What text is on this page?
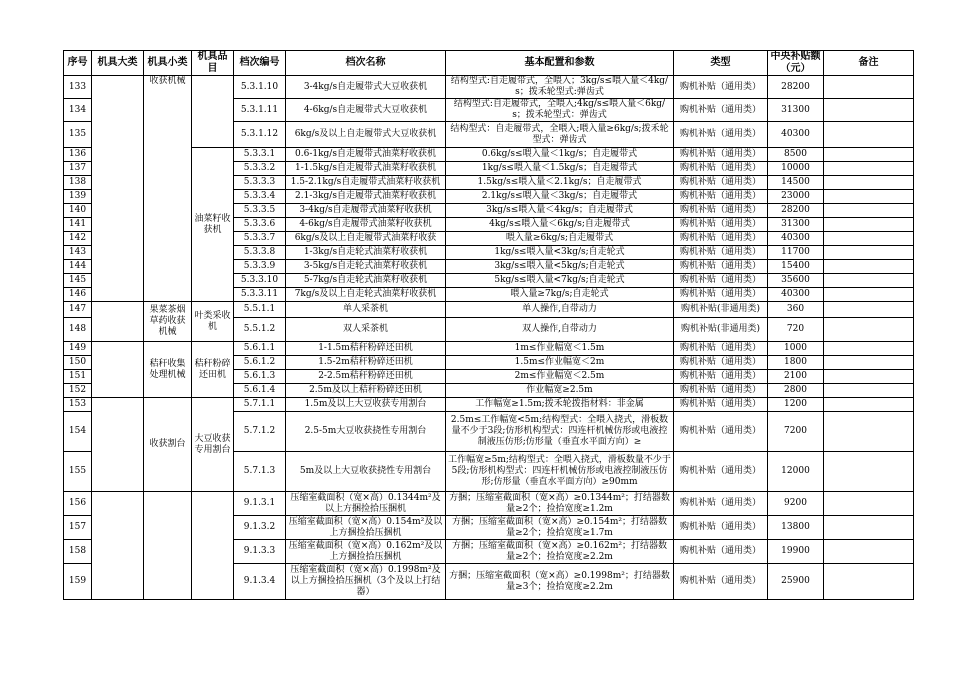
序号	机具大类	机具小类	机具品目	档次编号	档次名称	基本配置和参数	类型	中央补贴额（元）	备注
133		收获机械		5.3.1.10	3-4kg/s自走履带式大豆收获机	结构型式:自走履带式，全喂入；3kg/s≤喂入量＜4kg/s；拨禾轮型式:弹齿式	购机补贴（通用类）	28200	
134				5.3.1.11	4-6kg/s自走履带式大豆收获机	结构型式:自走履带式，全喂入;4kg/s≤喂入量＜6kg/s；拨禾轮型式：弹齿式	购机补贴（通用类）	31300	
135				5.3.1.12	6kg/s及以上自走履带式大豆收获机	结构型式：自走履带式，全喂入;喂入量≥6kg/s;拨禾轮型式：弹齿式	购机补贴（通用类）	40300	
136			油菜籽收获机	5.3.3.1	0.6-1kg/s自走履带式油菜籽收获机	0.6kg/s≤喂入量＜1kg/s；自走履带式	购机补贴（通用类）	8500	
137				5.3.3.2	1-1.5kg/s自走履带式油菜籽收获机	1kg/s≤喂入量＜1.5kg/s；自走履带式	购机补贴（通用类）	10000	
138				5.3.3.3	1.5-2.1kg/s自走履带式油菜籽收获机	1.5kg/s≤喂入量＜2.1kg/s；自走履带式	购机补贴（通用类）	14500	
139				5.3.3.4	2.1-3kg/s自走履带式油菜籽收获机	2.1kg/s≤喂入量＜3kg/s；自走履带式	购机补贴（通用类）	23000	
140				5.3.3.5	3-4kg/s自走履带式油菜籽收获机	3kg/s≤喂入量＜4kg/s；自走履带式	购机补贴（通用类）	28200	
141				5.3.3.6	4-6kg/s自走履带式油菜籽收获机	4kg/s≤喂入量＜6kg/s;自走履带式	购机补贴（通用类）	31300	
142				5.3.3.7	6kg/s及以上自走履带式油菜籽收获	喂入量≥6kg/s;自走履带式	购机补贴（通用类）	40300	
143				5.3.3.8	1-3kg/s自走轮式油菜籽收获机	1kg/s≤喂入量<3kg/s;自走轮式	购机补贴（通用类）	11700	
144				5.3.3.9	3-5kg/s自走轮式油菜籽收获机	3kg/s≤喂入量<5kg/s;自走轮式	购机补贴（通用类）	15400	
145				5.3.3.10	5-7kg/s自走轮式油菜籽收获机	5kg/s≤喂入量<7kg/s;自走轮式	购机补贴（通用类）	35600	
146				5.3.3.11	7kg/s及以上自走轮式油菜籽收获机	喂入量≥7kg/s;自走轮式	购机补贴（通用类）	40300	
147		果菜茶烟草药收获机械	叶类采收机	5.5.1.1	单人采茶机	单人操作,自带动力	购机补贴(非通用类)	360	
148				5.5.1.2	双人采茶机	双人操作,自带动力	购机补贴(非通用类)	720	
149		秸秆收集处理机械	秸秆粉碎还田机	5.6.1.1	1-1.5m秸秆粉碎还田机	1m≤作业幅宽＜1.5m	购机补贴（通用类）	1000	
150				5.6.1.2	1.5-2m秸秆粉碎还田机	1.5m≤作业幅宽＜2m	购机补贴（通用类）	1800	
151				5.6.1.3	2-2.5m秸秆粉碎还田机	2m≤作业幅宽＜2.5m	购机补贴（通用类）	2100	
152				5.6.1.4	2.5m及以上秸秆粉碎还田机	作业幅宽≥2.5m	购机补贴（通用类）	2800	
153		收获割台	大豆收获专用割台	5.7.1.1	1.5m及以上大豆收获专用割台	工作幅宽≥1.5m;拨禾轮拨指材料：非金属	购机补贴（通用类）	1200	
154				5.7.1.2	2.5-5m大豆收获挠性专用割台	2.5m≤工作幅宽<5m;结构型式：全喂入挠式，滑板数量不少于3段;仿形机构型式：四连杆机械仿形或电液控制液压仿形;仿形量（垂直水平面方向）≥	购机补贴（通用类）	7200	
155				5.7.1.3	5m及以上大豆收获挠性专用割台	工作幅宽≥5m;结构型式：全喂入挠式，滑板数量不少于5段;仿形机构型式：四连杆机械仿形或电液控制液压仿形;仿形量（垂直水平面方向）≥90mm	购机补贴（通用类）	12000	
156				9.1.3.1	压缩室截面积（宽×高）0.1344m²及以上方捆捡拾压捆机	方捆；压缩室截面积（宽×高）≥0.1344m²；打结器数量≥2个；捡拾宽度≥1.2m	购机补贴（通用类）	9200	
157				9.1.3.2	压缩室截面积（宽×高）0.154m²及以上方捆捡拾压捆机	方捆；压缩室截面积（宽×高）≥0.154m²；打结器数量≥2个；捡拾宽度≥1.7m	购机补贴（通用类）	13800	
158				9.1.3.3	压缩室截面积（宽×高）0.162m²及以上方捆捡拾压捆机	方捆；压缩室截面积（宽×高）≥0.162m²；打结器数量≥2个；捡拾宽度≥2.2m	购机补贴（通用类）	19900	
159				9.1.3.4	压缩室截面积（宽×高）0.1998m²及以上方捆捡拾压捆机（3个及以上打结器）	方捆；压缩室截面积（宽×高）≥0.1998m²；打结器数量≥3个；捡拾宽度≥2.2m	购机补贴（通用类）	25900	
